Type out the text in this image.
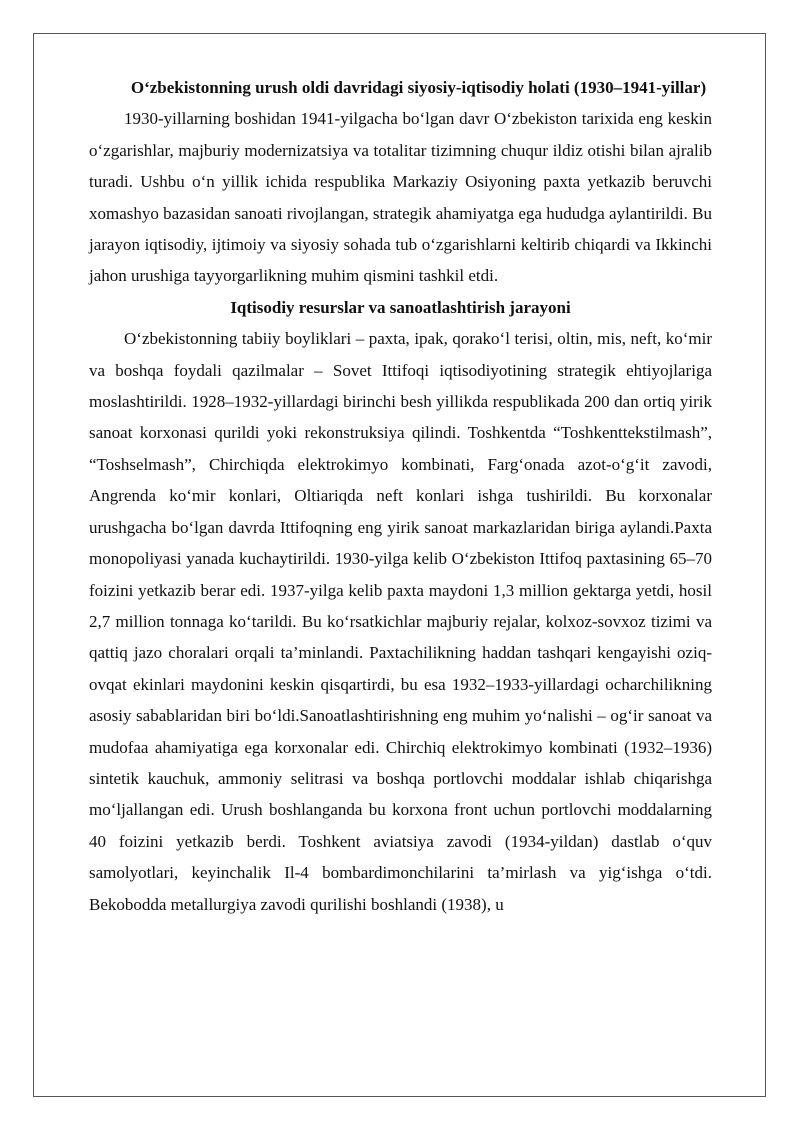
O‘zbekistonning urush oldi davridagi siyosiy-iqtisodiy holati (1930–1941-yillar)

1930-yillarning boshidan 1941-yilgacha bo‘lgan davr O‘zbekiston tarixida eng keskin o‘zgarishlar, majburiy modernizatsiya va totalitar tizimning chuqur ildiz otishi bilan ajralib turadi. Ushbu o‘n yillik ichida respublika Markaziy Osiyoning paxta yetkazib beruvchi xomashyo bazasidan sanoati rivojlangan, strategik ahamiyatga ega hududga aylantirildi. Bu jarayon iqtisodiy, ijtimoiy va siyosiy sohada tub o‘zgarishlarni keltirib chiqardi va Ikkinchi jahon urushiga tayyorgarlikning muhim qismini tashkil etdi.

Iqtisodiy resurslar va sanoatlashtirish jarayoni

O‘zbekistonning tabiiy boyliklari – paxta, ipak, qorako‘l terisi, oltin, mis, neft, ko‘mir va boshqa foydali qazilmalar – Sovet Ittifoqi iqtisodiyotining strategik ehtiyojlariga moslashtirildi. 1928–1932-yillardagi birinchi besh yillikda respublikada 200 dan ortiq yirik sanoat korxonasi qurildi yoki rekonstruksiya qilindi. Toshkentda “Toshkenttekstilmash”, “Toshselmash”, Chirchiqda elektrokimyo kombinati, Farg‘onada azot-o‘g‘it zavodi, Angrenda ko‘mir konlari, Oltiariqda neft konlari ishga tushirildi. Bu korxonalar urushgacha bo‘lgan davrda Ittifoqning eng yirik sanoat markazlaridan biriga aylandi.Paxta monopoliyasi yanada kuchaytirildi. 1930-yilga kelib O‘zbekiston Ittifoq paxtasining 65–70 foizini yetkazib berar edi. 1937-yilga kelib paxta maydoni 1,3 million gektarga yetdi, hosil 2,7 million tonnaga ko‘tarildi. Bu ko‘rsatkichlar majburiy rejalar, kolxoz-sovxoz tizimi va qattiq jazo choralari orqali ta’minlandi. Paxtachilikning haddan tashqari kengayishi oziq-ovqat ekinlari maydonini keskin qisqartirdi, bu esa 1932–1933-yillardagi ocharchilikning asosiy sabablaridan biri bo‘ldi.Sanoatlashtirishning eng muhim yo‘nalishi – og‘ir sanoat va mudofaa ahamiyatiga ega korxonalar edi. Chirchiq elektrokimyo kombinati (1932–1936) sintetik kauchuk, ammoniy selitrasi va boshqa portlovchi moddalar ishlab chiqarishga mo‘ljallangan edi. Urush boshlanganda bu korxona front uchun portlovchi moddalarning 40 foizini yetkazib berdi. Toshkent aviatsiya zavodi (1934-yildan) dastlab o‘quv samolyotlari, keyinchalik Il-4 bombardimonchilarini ta’mirlash va yig‘ishga o‘tdi. Bekobodda metallurgiya zavodi qurilishi boshlandi (1938), u
